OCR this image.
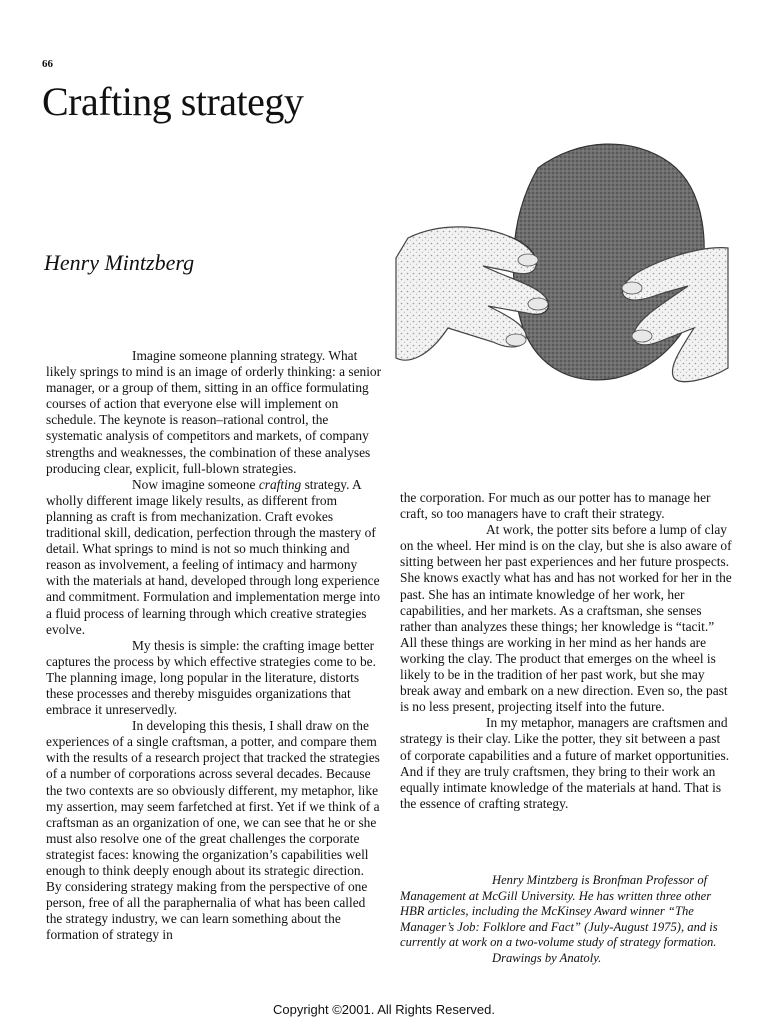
66
Crafting strategy
Henry Mintzberg

Imagine someone planning strategy. What likely springs to mind is an image of orderly thinking: a senior manager, or a group of them, sitting in an office formulating courses of action that everyone else will implement on schedule. The keynote is reason–rational control, the systematic analysis of competitors and markets, of company strengths and weaknesses, the combination of these analyses producing clear, explicit, full-blown strategies.

Now imagine someone crafting strategy. A wholly different image likely results, as different from planning as craft is from mechanization. Craft evokes traditional skill, dedication, perfection through the mastery of detail. What springs to mind is not so much thinking and reason as involvement, a feeling of intimacy and harmony with the materials at hand, developed through long experience and commitment. Formulation and implementation merge into a fluid process of learning through which creative strategies evolve.

My thesis is simple: the crafting image better captures the process by which effective strategies come to be. The planning image, long popular in the literature, distorts these processes and thereby misguides organizations that embrace it unreservedly.

In developing this thesis, I shall draw on the experiences of a single craftsman, a potter, and compare them with the results of a research project that tracked the strategies of a number of corporations across several decades. Because the two contexts are so obviously different, my metaphor, like my assertion, may seem farfetched at first. Yet if we think of a craftsman as an organization of one, we can see that he or she must also resolve one of the great challenges the corporate strategist faces: knowing the organization’s capabilities well enough to think deeply enough about its strategic direction. By considering strategy making from the perspective of one person, free of all the paraphernalia of what has been called the strategy industry, we can learn something about the formation of strategy in

the corporation. For much as our potter has to manage her craft, so too managers have to craft their strategy.

At work, the potter sits before a lump of clay on the wheel. Her mind is on the clay, but she is also aware of sitting between her past experiences and her future prospects. She knows exactly what has and has not worked for her in the past. She has an intimate knowledge of her work, her capabilities, and her markets. As a craftsman, she senses rather than analyzes these things; her knowledge is “tacit.” All these things are working in her mind as her hands are working the clay. The product that emerges on the wheel is likely to be in the tradition of her past work, but she may break away and embark on a new direction. Even so, the past is no less present, projecting itself into the future.

In my metaphor, managers are craftsmen and strategy is their clay. Like the potter, they sit between a past of corporate capabilities and a future of market opportunities. And if they are truly craftsmen, they bring to their work an equally intimate knowledge of the materials at hand. That is the essence of crafting strategy.

Henry Mintzberg is Bronfman Professor of Management at McGill University. He has written three other HBR articles, including the McKinsey Award winner “The Manager’s Job: Folklore and Fact” (July-August 1975), and is currently at work on a two-volume study of strategy formation.

Drawings by Anatoly.

Copyright ©2001. All Rights Reserved.
